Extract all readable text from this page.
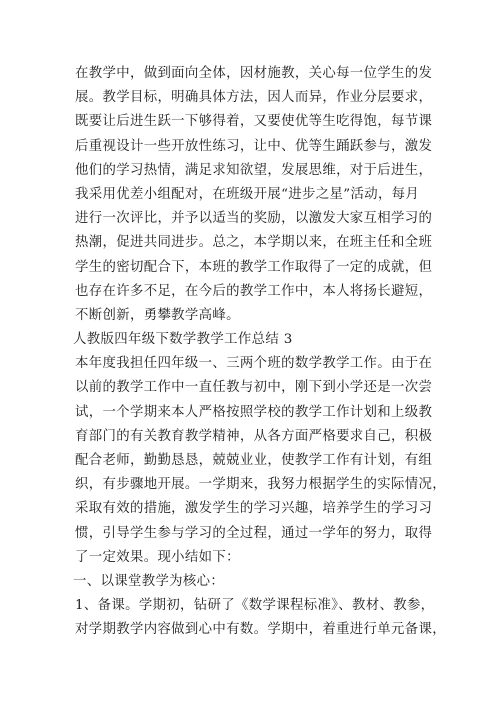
在教学中，做到面向全体，因材施教，关心每一位学生的发
展。教学目标，明确具体方法，因人而异，作业分层要求，
既要让后进生跃一下够得着，又要使优等生吃得饱，每节课
后重视设计一些开放性练习，让中、优等生踊跃参与，激发
他们的学习热情，满足求知欲望，发展思维，对于后进生，
我采用优差小组配对，在班级开展“进步之星”活动，每月
进行一次评比，并予以适当的奖励，以激发大家互相学习的
热潮，促进共同进步。总之，本学期以来，在班主任和全班
学生的密切配合下，本班的教学工作取得了一定的成就，但
也存在许多不足，在今后的教学工作中，本人将扬长避短，
不断创新，勇攀教学高峰。
人教版四年级下数学教学工作总结 3
本年度我担任四年级一、三两个班的数学教学工作。由于在
以前的教学工作中一直任教与初中，刚下到小学还是一次尝
试，一个学期来本人严格按照学校的教学工作计划和上级教
育部门的有关教育教学精神，从各方面严格要求自己，积极
配合老师，勤勤恳恳，兢兢业业，使教学工作有计划，有组
织，有步骤地开展。一学期来，我努力根据学生的实际情况，
采取有效的措施，激发学生的学习兴趣，培养学生的学习习
惯，引导学生参与学习的全过程，通过一学年的努力，取得
了一定效果。现小结如下：
一、以课堂教学为核心：
1、备课。学期初，钻研了《数学课程标准》、教材、教参，
对学期教学内容做到心中有数。学期中，着重进行单元备课，
